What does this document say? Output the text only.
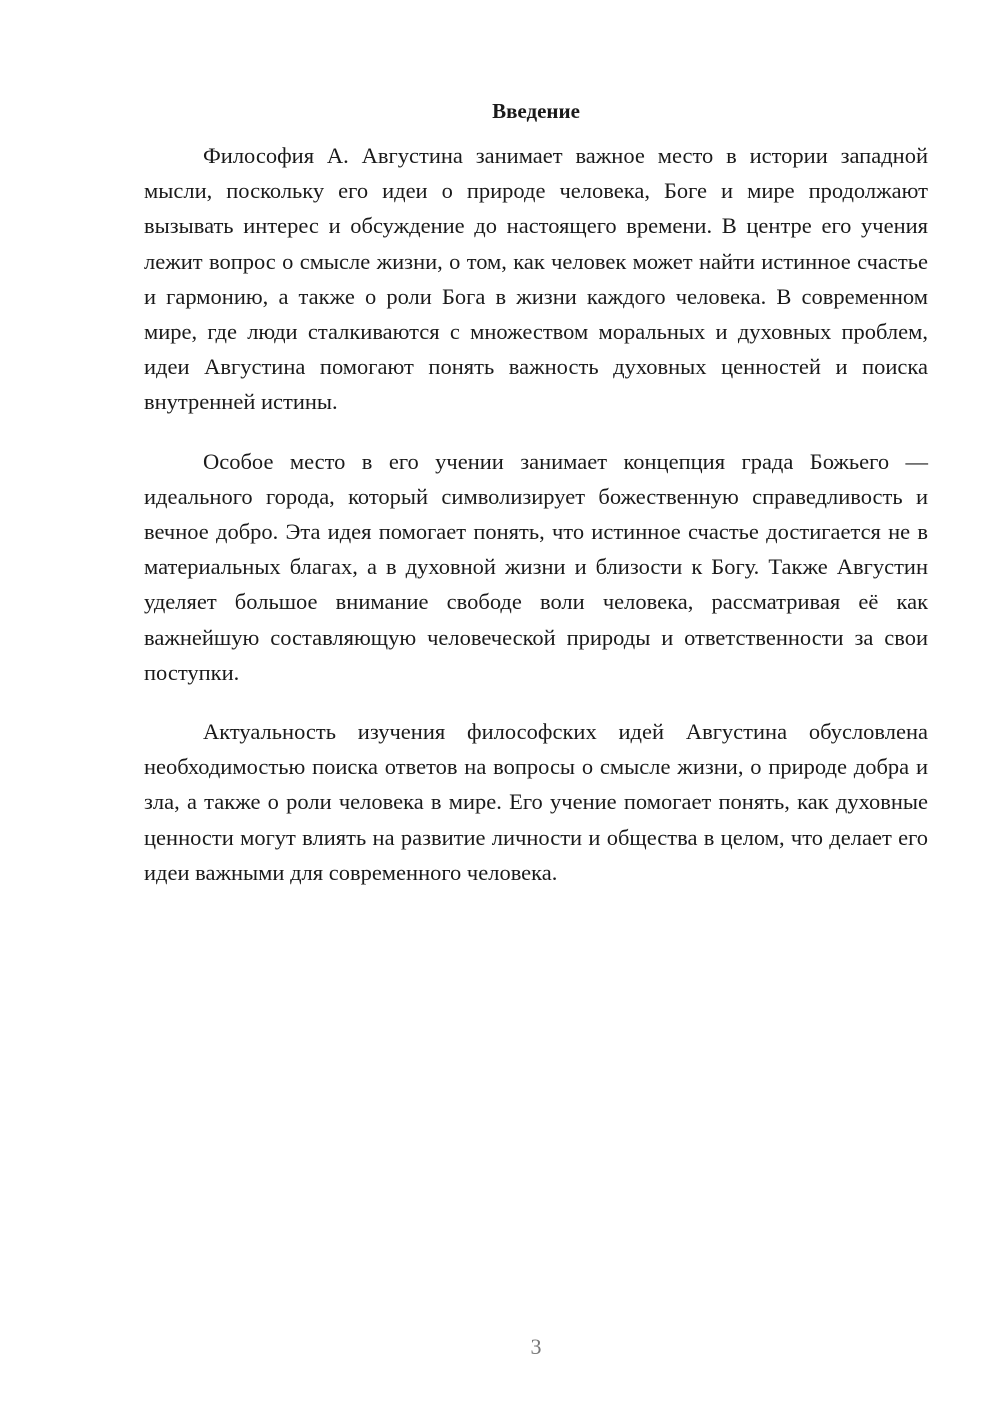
Введение

Философия А. Августина занимает важное место в истории западной мысли, поскольку его идеи о природе человека, Боге и мире продолжают вызывать интерес и обсуждение до настоящего времени. В центре его учения лежит вопрос о смысле жизни, о том, как человек может найти истинное счастье и гармонию, а также о роли Бога в жизни каждого человека. В современном мире, где люди сталкиваются с множеством моральных и духовных проблем, идеи Августина помогают понять важность духовных ценностей и поиска внутренней истины.

Особое место в его учении занимает концепция града Божьего — идеального города, который символизирует божественную справедливость и вечное добро. Эта идея помогает понять, что истинное счастье достигается не в материальных благах, а в духовной жизни и близости к Богу. Также Августин уделяет большое внимание свободе воли человека, рассматривая её как важнейшую составляющую человеческой природы и ответственности за свои поступки.

Актуальность изучения философских идей Августина обусловлена необходимостью поиска ответов на вопросы о смысле жизни, о природе добра и зла, а также о роли человека в мире. Его учение помогает понять, как духовные ценности могут влиять на развитие личности и общества в целом, что делает его идеи важными для современного человека.

3
